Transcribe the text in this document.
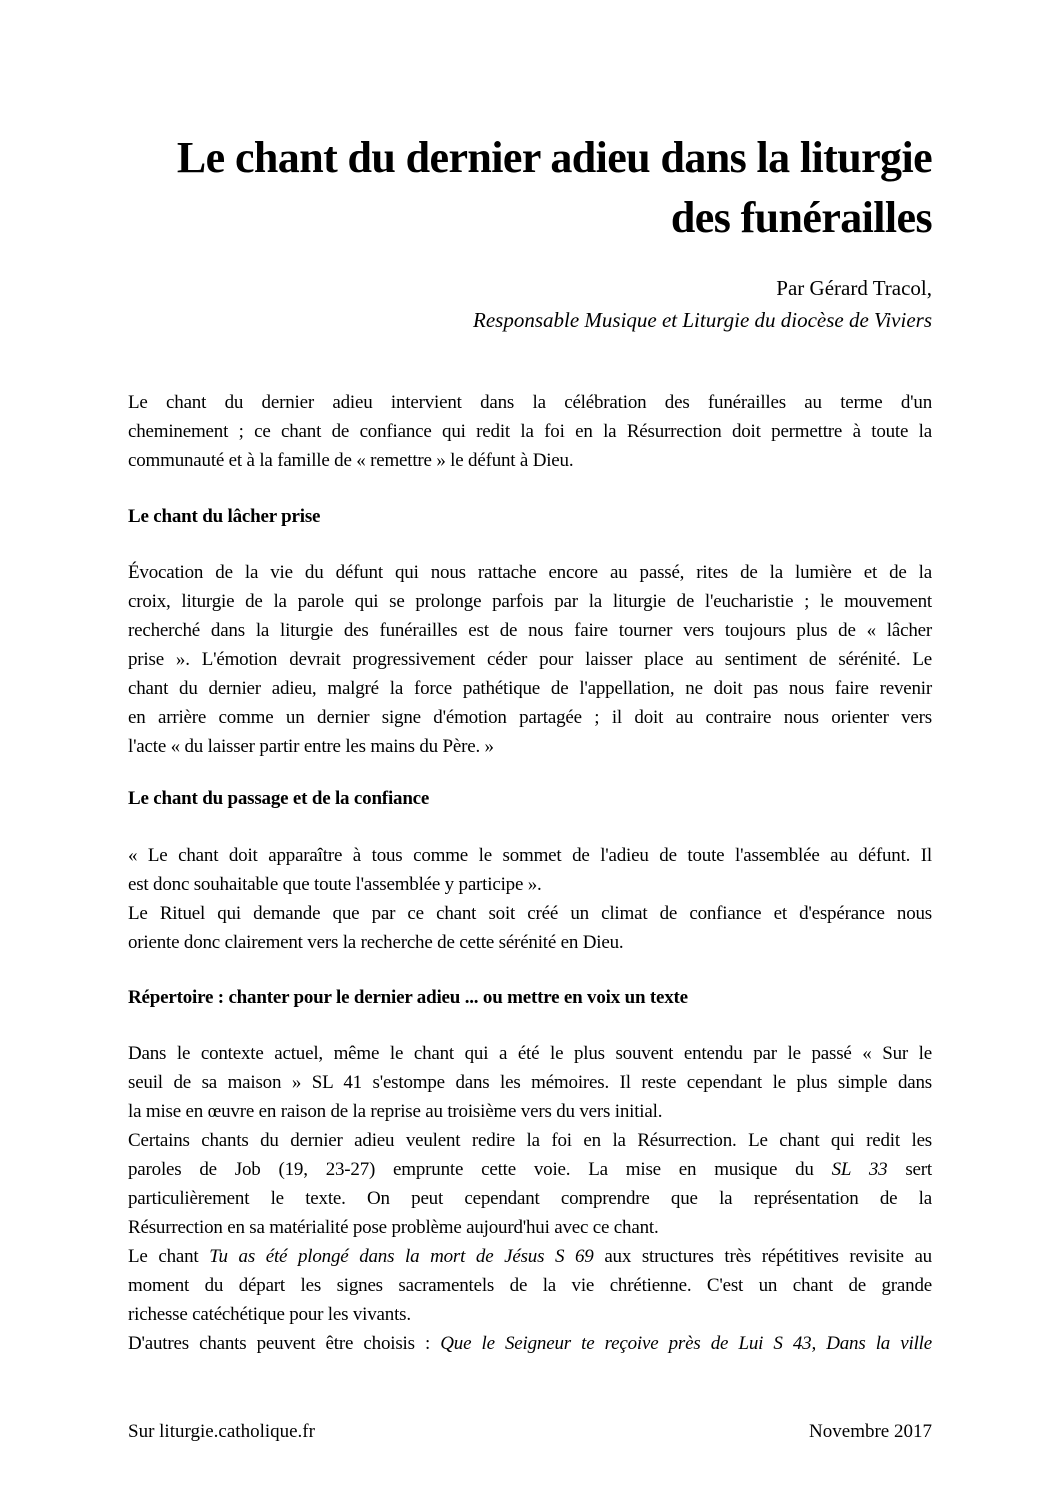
Le chant du dernier adieu dans la liturgie
des funérailles
Par Gérard Tracol,
Responsable Musique et Liturgie du diocèse de Viviers

Le chant du dernier adieu intervient dans la célébration des funérailles au terme d'un
cheminement ; ce chant de confiance qui redit la foi en la Résurrection doit permettre à toute la
communauté et à la famille de « remettre » le défunt à Dieu.

Le chant du lâcher prise

Évocation de la vie du défunt qui nous rattache encore au passé, rites de la lumière et de la
croix, liturgie de la parole qui se prolonge parfois par la liturgie de l'eucharistie ; le mouvement
recherché dans la liturgie des funérailles est de nous faire tourner vers toujours plus de « lâcher
prise ». L'émotion devrait progressivement céder pour laisser place au sentiment de sérénité. Le
chant du dernier adieu, malgré la force pathétique de l'appellation, ne doit pas nous faire revenir
en arrière comme un dernier signe d'émotion partagée ; il doit au contraire nous orienter vers
l'acte « du laisser partir entre les mains du Père. »

Le chant du passage et de la confiance

« Le chant doit apparaître à tous comme le sommet de l'adieu de toute l'assemblée au défunt. Il
est donc souhaitable que toute l'assemblée y participe ».
Le Rituel qui demande que par ce chant soit créé un climat de confiance et d'espérance nous
oriente donc clairement vers la recherche de cette sérénité en Dieu.

Répertoire : chanter pour le dernier adieu ... ou mettre en voix un texte

Dans le contexte actuel, même le chant qui a été le plus souvent entendu par le passé « Sur le
seuil de sa maison » SL 41 s'estompe dans les mémoires. Il reste cependant le plus simple dans
la mise en œuvre en raison de la reprise au troisième vers du vers initial.
Certains chants du dernier adieu veulent redire la foi en la Résurrection. Le chant qui redit les
paroles de Job (19, 23-27) emprunte cette voie. La mise en musique du SL 33 sert
particulièrement le texte. On peut cependant comprendre que la représentation de la
Résurrection en sa matérialité pose problème aujourd'hui avec ce chant.
Le chant Tu as été plongé dans la mort de Jésus S 69 aux structures très répétitives revisite au
moment du départ les signes sacramentels de la vie chrétienne. C'est un chant de grande
richesse catéchétique pour les vivants.
D'autres chants peuvent être choisis : Que le Seigneur te reçoive près de Lui S 43, Dans la ville

Sur liturgie.catholique.fr	Novembre 2017
